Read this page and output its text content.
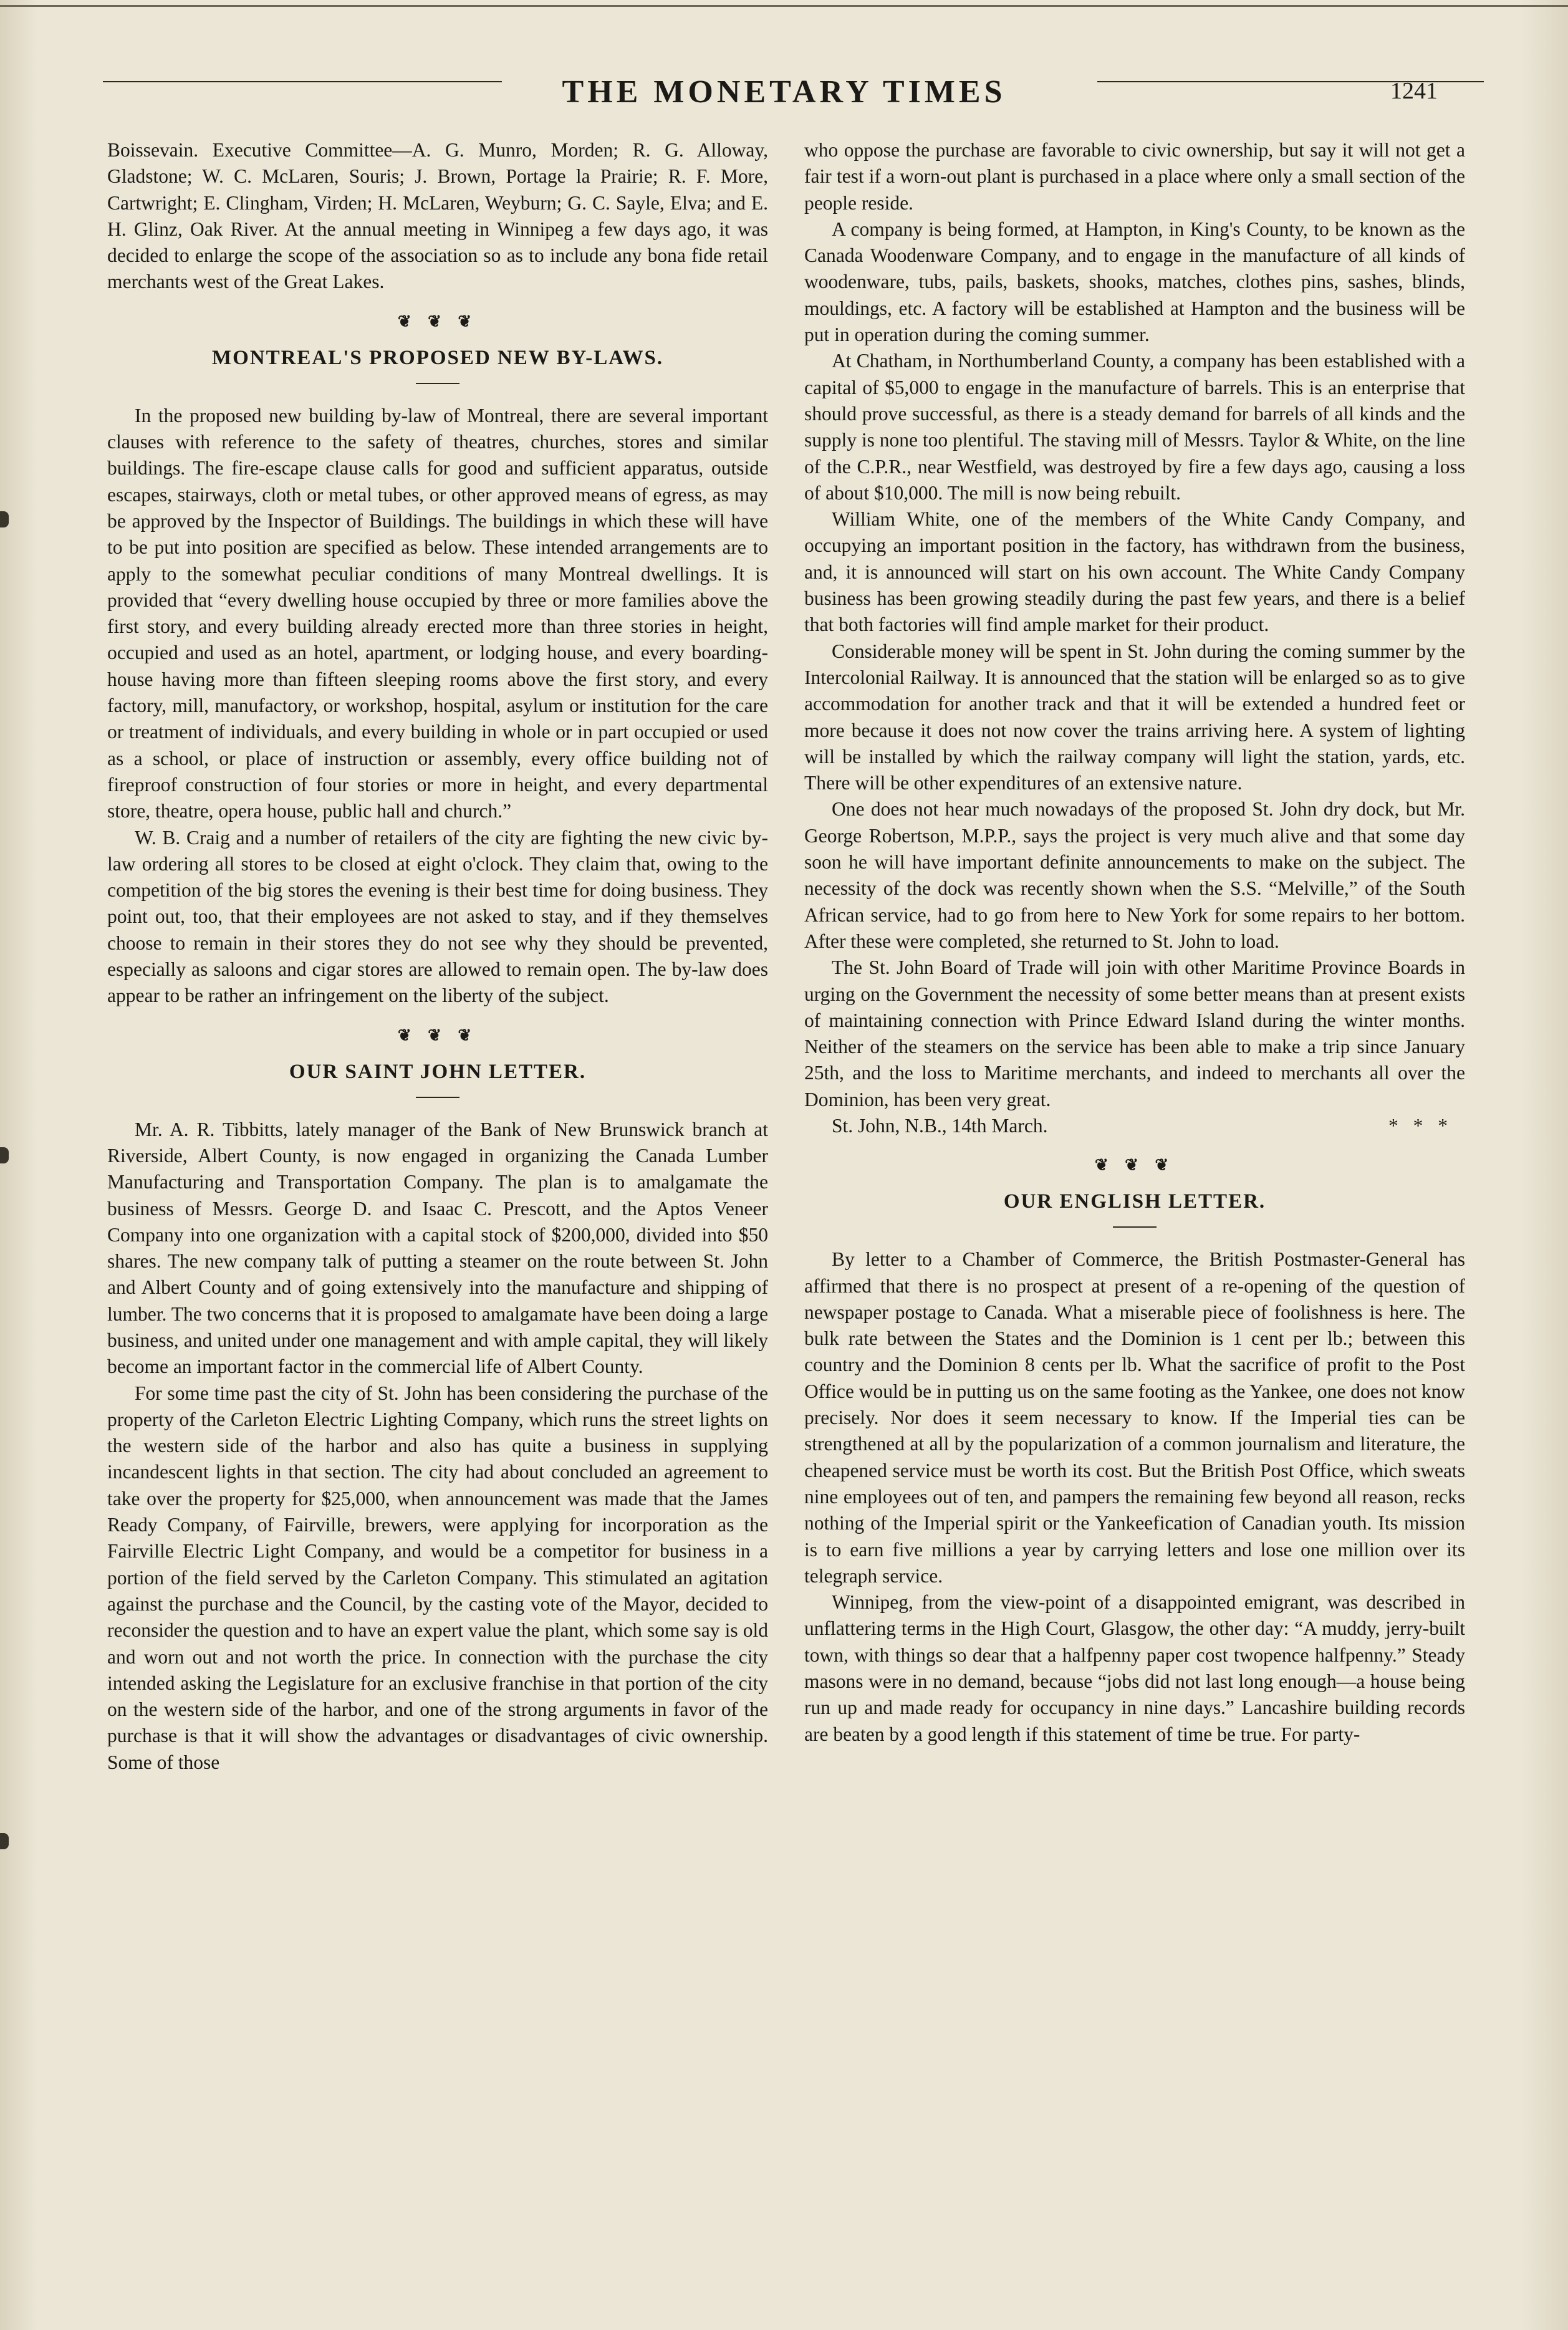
THE MONETARY TIMES	1241

Boissevain. Executive Committee—A. G. Munro, Morden; R. G. Alloway, Gladstone; W. C. McLaren, Souris; J. Brown, Portage la Prairie; R. F. More, Cartwright; E. Clingham, Virden; H. McLaren, Weyburn; G. C. Sayle, Elva; and E. H. Glinz, Oak River. At the annual meeting in Winnipeg a few days ago, it was decided to enlarge the scope of the association so as to include any bona fide retail merchants west of the Great Lakes.

❦ ❦ ❦
MONTREAL'S PROPOSED NEW BY-LAWS.

In the proposed new building by-law of Montreal, there are several important clauses with reference to the safety of theatres, churches, stores and similar buildings. The fire-escape clause calls for good and sufficient apparatus, outside escapes, stairways, cloth or metal tubes, or other approved means of egress, as may be approved by the Inspector of Buildings. The buildings in which these will have to be put into position are specified as below. These intended arrangements are to apply to the somewhat peculiar conditions of many Montreal dwellings. It is provided that “every dwelling house occupied by three or more families above the first story, and every building already erected more than three stories in height, occupied and used as an hotel, apartment, or lodging house, and every boarding-house having more than fifteen sleeping rooms above the first story, and every factory, mill, manufactory, or workshop, hospital, asylum or institution for the care or treatment of individuals, and every building in whole or in part occupied or used as a school, or place of instruction or assembly, every office building not of fireproof construction of four stories or more in height, and every departmental store, theatre, opera house, public hall and church.”

W. B. Craig and a number of retailers of the city are fighting the new civic by-law ordering all stores to be closed at eight o'clock. They claim that, owing to the competition of the big stores the evening is their best time for doing business. They point out, too, that their employees are not asked to stay, and if they themselves choose to remain in their stores they do not see why they should be prevented, especially as saloons and cigar stores are allowed to remain open. The by-law does appear to be rather an infringement on the liberty of the subject.

❦ ❦ ❦
OUR SAINT JOHN LETTER.

Mr. A. R. Tibbitts, lately manager of the Bank of New Brunswick branch at Riverside, Albert County, is now engaged in organizing the Canada Lumber Manufacturing and Transportation Company. The plan is to amalgamate the business of Messrs. George D. and Isaac C. Prescott, and the Aptos Veneer Company into one organization with a capital stock of $200,000, divided into $50 shares. The new company talk of putting a steamer on the route between St. John and Albert County and of going extensively into the manufacture and shipping of lumber. The two concerns that it is proposed to amalgamate have been doing a large business, and united under one management and with ample capital, they will likely become an important factor in the commercial life of Albert County.

For some time past the city of St. John has been considering the purchase of the property of the Carleton Electric Lighting Company, which runs the street lights on the western side of the harbor and also has quite a business in supplying incandescent lights in that section. The city had about concluded an agreement to take over the property for $25,000, when announcement was made that the James Ready Company, of Fairville, brewers, were applying for incorporation as the Fairville Electric Light Company, and would be a competitor for business in a portion of the field served by the Carleton Company. This stimulated an agitation against the purchase and the Council, by the casting vote of the Mayor, decided to reconsider the question and to have an expert value the plant, which some say is old and worn out and not worth the price. In connection with the purchase the city intended asking the Legislature for an exclusive franchise in that portion of the city on the western side of the harbor, and one of the strong arguments in favor of the purchase is that it will show the advantages or disadvantages of civic ownership. Some of those

who oppose the purchase are favorable to civic ownership, but say it will not get a fair test if a worn-out plant is purchased in a place where only a small section of the people reside.

A company is being formed, at Hampton, in King's County, to be known as the Canada Woodenware Company, and to engage in the manufacture of all kinds of woodenware, tubs, pails, baskets, shooks, matches, clothes pins, sashes, blinds, mouldings, etc. A factory will be established at Hampton and the business will be put in operation during the coming summer.

At Chatham, in Northumberland County, a company has been established with a capital of $5,000 to engage in the manufacture of barrels. This is an enterprise that should prove successful, as there is a steady demand for barrels of all kinds and the supply is none too plentiful. The staving mill of Messrs. Taylor & White, on the line of the C.P.R., near Westfield, was destroyed by fire a few days ago, causing a loss of about $10,000. The mill is now being rebuilt.

William White, one of the members of the White Candy Company, and occupying an important position in the factory, has withdrawn from the business, and, it is announced will start on his own account. The White Candy Company business has been growing steadily during the past few years, and there is a belief that both factories will find ample market for their product.

Considerable money will be spent in St. John during the coming summer by the Intercolonial Railway. It is announced that the station will be enlarged so as to give accommodation for another track and that it will be extended a hundred feet or more because it does not now cover the trains arriving here. A system of lighting will be installed by which the railway company will light the station, yards, etc. There will be other expenditures of an extensive nature.

One does not hear much nowadays of the proposed St. John dry dock, but Mr. George Robertson, M.P.P., says the project is very much alive and that some day soon he will have important definite announcements to make on the subject. The necessity of the dock was recently shown when the S.S. “Melville,” of the South African service, had to go from here to New York for some repairs to her bottom. After these were completed, she returned to St. John to load.

The St. John Board of Trade will join with other Maritime Province Boards in urging on the Government the necessity of some better means than at present exists of maintaining connection with Prince Edward Island during the winter months. Neither of the steamers on the service has been able to make a trip since January 25th, and the loss to Maritime merchants, and indeed to merchants all over the Dominion, has been very great.

St. John, N.B., 14th March.	* * *
❦ ❦ ❦
OUR ENGLISH LETTER.

By letter to a Chamber of Commerce, the British Postmaster-General has affirmed that there is no prospect at present of a re-opening of the question of newspaper postage to Canada. What a miserable piece of foolishness is here. The bulk rate between the States and the Dominion is 1 cent per lb.; between this country and the Dominion 8 cents per lb. What the sacrifice of profit to the Post Office would be in putting us on the same footing as the Yankee, one does not know precisely. Nor does it seem necessary to know. If the Imperial ties can be strengthened at all by the popularization of a common journalism and literature, the cheapened service must be worth its cost. But the British Post Office, which sweats nine employees out of ten, and pampers the remaining few beyond all reason, recks nothing of the Imperial spirit or the Yankeefication of Canadian youth. Its mission is to earn five millions a year by carrying letters and lose one million over its telegraph service.

Winnipeg, from the view-point of a disappointed emigrant, was described in unflattering terms in the High Court, Glasgow, the other day: “A muddy, jerry-built town, with things so dear that a halfpenny paper cost twopence halfpenny.” Steady masons were in no demand, because “jobs did not last long enough—a house being run up and made ready for occupancy in nine days.” Lancashire building records are beaten by a good length if this statement of time be true. For party-
